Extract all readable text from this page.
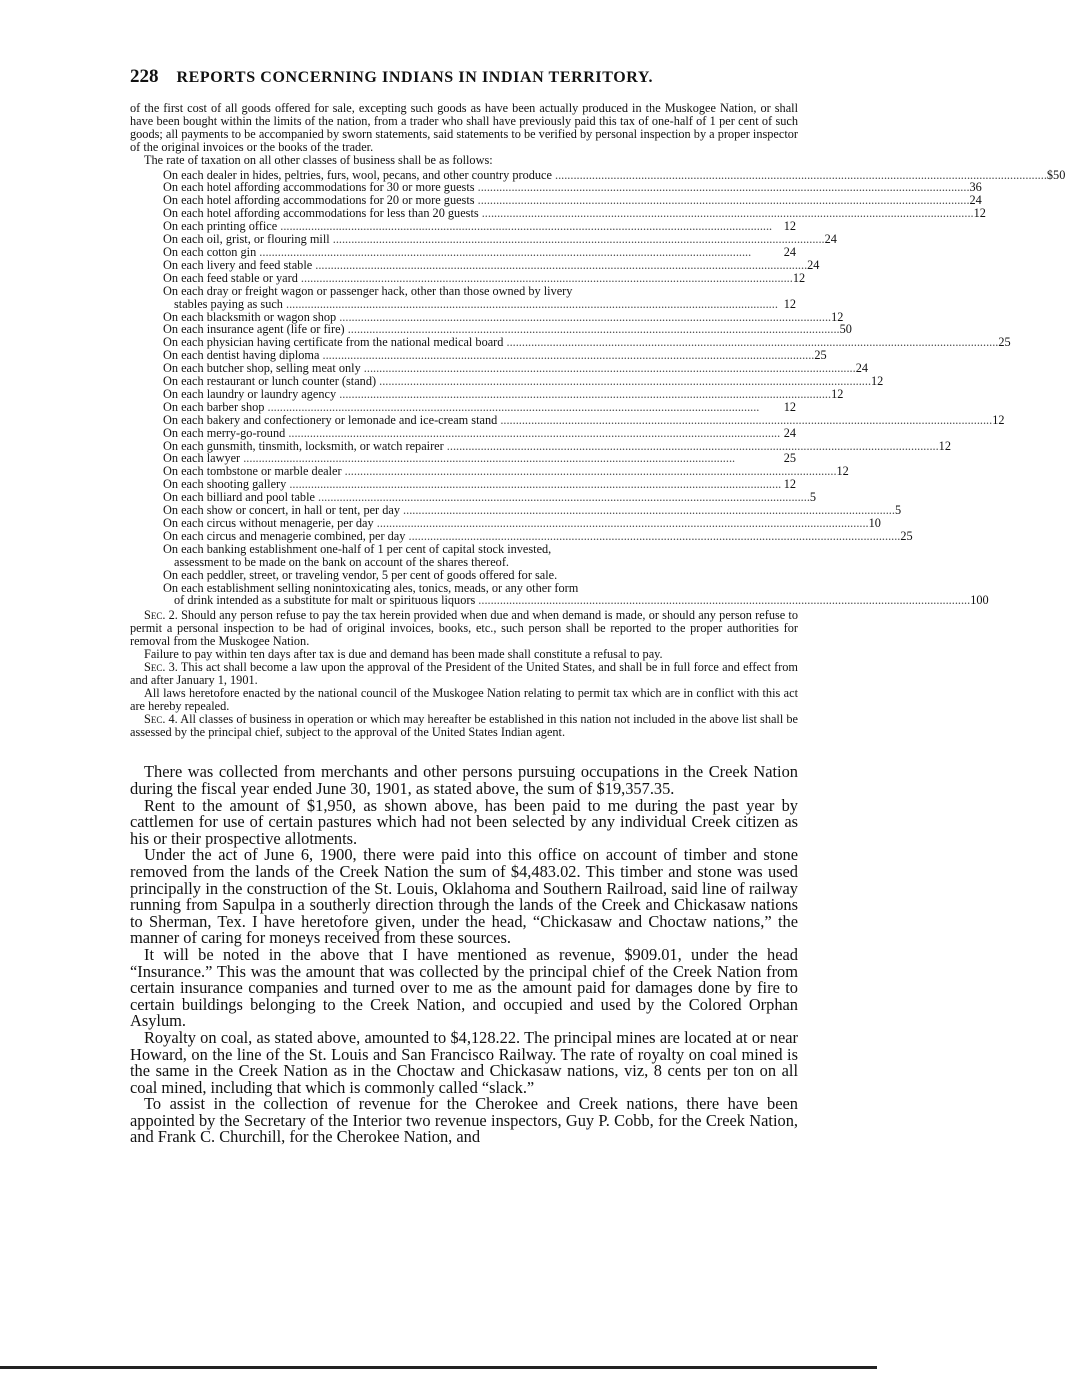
228 REPORTS CONCERNING INDIANS IN INDIAN TERRITORY.

of the first cost of all goods offered for sale, excepting such goods as have been actually produced in the Muskogee Nation, or shall have been bought within the limits of the nation, from a trader who shall have previously paid this tax of one-half of 1 per cent of such goods; all payments to be accompanied by sworn statements, said statements to be verified by personal inspection by a proper inspector of the original invoices or the books of the trader.

The rate of taxation on all other classes of business shall be as follows:

On each dealer in hides, peltries, furs, wool, pecans, and other country produce ................................................................................................................................................................ $50
On each hotel affording accommodations for 30 or more guests ................................................................................................................................................................ 36
On each hotel affording accommodations for 20 or more guests ................................................................................................................................................................ 24
On each hotel affording accommodations for less than 20 guests ................................................................................................................................................................ 12
On each printing office ................................................................................................................................................................ 12
On each oil, grist, or flouring mill ................................................................................................................................................................ 24
On each cotton gin ................................................................................................................................................................	24
On each livery and feed stable ................................................................................................................................................................ 24
On each feed stable or yard ................................................................................................................................................................ 12
On each dray or freight wagon or passenger hack, other than those owned by livery
stables paying as such ................................................................................................................................................................ 12
On each blacksmith or wagon shop ................................................................................................................................................................ 12
On each insurance agent (life or fire) ................................................................................................................................................................ 50
On each physician having certificate from the national medical board ................................................................................................................................................................ 25
On each dentist having diploma ................................................................................................................................................................ 25
On each butcher shop, selling meat only ................................................................................................................................................................ 24
On each restaurant or lunch counter (stand) ................................................................................................................................................................ 12
On each laundry or laundry agency ................................................................................................................................................................ 12
On each barber shop ................................................................................................................................................................	12
On each bakery and confectionery or lemonade and ice-cream stand ................................................................................................................................................................ 12
On each merry-go-round ................................................................................................................................................................ 24
On each gunsmith, tinsmith, locksmith, or watch repairer ................................................................................................................................................................ 12
On each lawyer ................................................................................................................................................................	25
On each tombstone or marble dealer ................................................................................................................................................................ 12
On each shooting gallery ................................................................................................................................................................ 12
On each billiard and pool table ................................................................................................................................................................ 5
On each show or concert, in hall or tent, per day ................................................................................................................................................................ 5
On each circus without menagerie, per day ................................................................................................................................................................ 10
On each circus and menagerie combined, per day ................................................................................................................................................................ 25
On each banking establishment one-half of 1 per cent of capital stock invested,
assessment to be made on the bank on account of the shares thereof.
On each peddler, street, or traveling vendor, 5 per cent of goods offered for sale.
On each establishment selling nonintoxicating ales, tonics, meads, or any other form
of drink intended as a substitute for malt or spirituous liquors ................................................................................................................................................................ 100

Sec. 2. Should any person refuse to pay the tax herein provided when due and when demand is made, or should any person refuse to permit a personal inspection to be had of original invoices, books, etc., such person shall be reported to the proper authorities for removal from the Muskogee Nation.

Failure to pay within ten days after tax is due and demand has been made shall constitute a refusal to pay.

Sec. 3. This act shall become a law upon the approval of the President of the United States, and shall be in full force and effect from and after January 1, 1901.

All laws heretofore enacted by the national council of the Muskogee Nation relating to permit tax which are in conflict with this act are hereby repealed.

Sec. 4. All classes of business in operation or which may hereafter be established in this nation not included in the above list shall be assessed by the principal chief, subject to the approval of the United States Indian agent.

There was collected from merchants and other persons pursuing occupations in the Creek Nation during the fiscal year ended June 30, 1901, as stated above, the sum of $19,357.35.

Rent to the amount of $1,950, as shown above, has been paid to me during the past year by cattlemen for use of certain pastures which had not been selected by any individual Creek citizen as his or their prospective allotments.

Under the act of June 6, 1900, there were paid into this office on account of timber and stone removed from the lands of the Creek Nation the sum of $4,483.02. This timber and stone was used principally in the construction of the St. Louis, Oklahoma and Southern Railroad, said line of railway running from Sapulpa in a southerly direction through the lands of the Creek and Chickasaw nations to Sherman, Tex. I have heretofore given, under the head, “Chickasaw and Choctaw nations,” the manner of caring for moneys received from these sources.

It will be noted in the above that I have mentioned as revenue, $909.01, under the head “Insurance.” This was the amount that was collected by the principal chief of the Creek Nation from certain insurance companies and turned over to me as the amount paid for damages done by fire to certain buildings belonging to the Creek Nation, and occupied and used by the Colored Orphan Asylum.

Royalty on coal, as stated above, amounted to $4,128.22. The principal mines are located at or near Howard, on the line of the St. Louis and San Francisco Railway. The rate of royalty on coal mined is the same in the Creek Nation as in the Choctaw and Chickasaw nations, viz, 8 cents per ton on all coal mined, including that which is commonly called “slack.”

To assist in the collection of revenue for the Cherokee and Creek nations, there have been appointed by the Secretary of the Interior two revenue inspectors, Guy P. Cobb, for the Creek Nation, and Frank C. Churchill, for the Cherokee Nation, and
